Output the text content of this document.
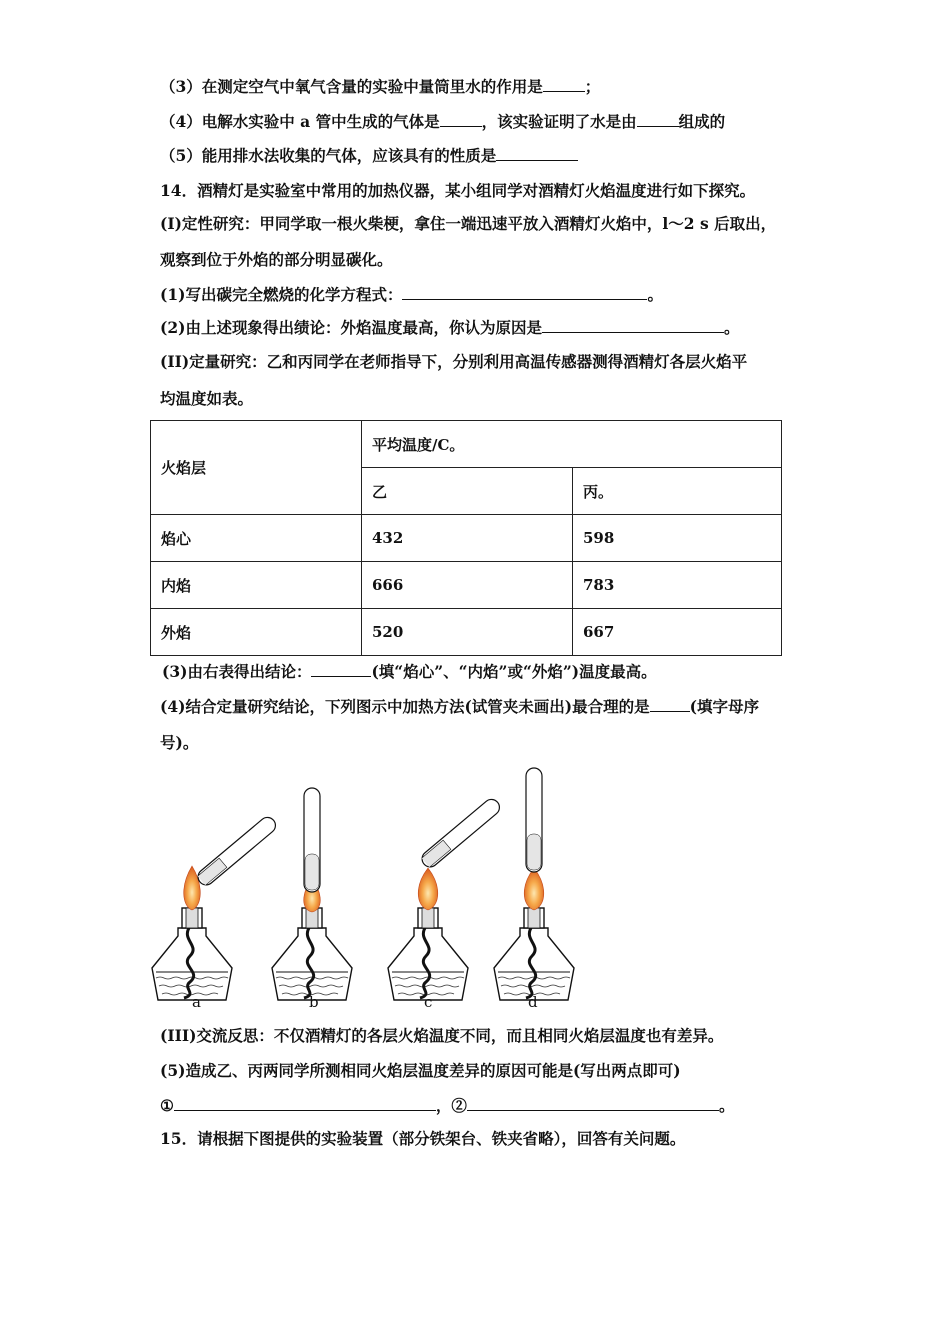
（3）在测定空气中氧气含量的实验中量筒里水的作用是	；
（4）电解水实验中 a 管中生成的气体是	，该实验证明了水是由	组成的
（5）能用排水法收集的气体，应该具有的性质是
14．酒精灯是实验室中常用的加热仪器，某小组同学对酒精灯火焰温度进行如下探究。
(I)定性研究：甲同学取一根火柴梗，拿住一端迅速平放入酒精灯火焰中，l～2 s 后取出，
观察到位于外焰的部分明显碳化。
(1)写出碳完全燃烧的化学方程式：	。
(2)由上述现象得出绩论：外焰温度最高，你认为原因是	。
(II)定量研究：乙和丙同学在老师指导下，分别利用高温传感器测得酒精灯各层火焰平
均温度如表。
火焰层	平均温度/C。	
	乙	丙。
焰心	432	598
内焰	666	783
外焰	520	667
(3)由右表得出结论：	(填“焰心”、“内焰”或“外焰”)温度最高。
(4)结合定量研究结论，下列图示中加热方法(试管夹未画出)最合理的是	(填字母序
号)。
a	b	c	d
(III)交流反思：不仅酒精灯的各层火焰温度不同，而且相同火焰层温度也有差异。
(5)造成乙、丙两同学所测相同火焰层温度差异的原因可能是(写出两点即可)
①	，②	。
15．请根据下图提供的实验装置（部分铁架台、铁夹省略），回答有关问题。
